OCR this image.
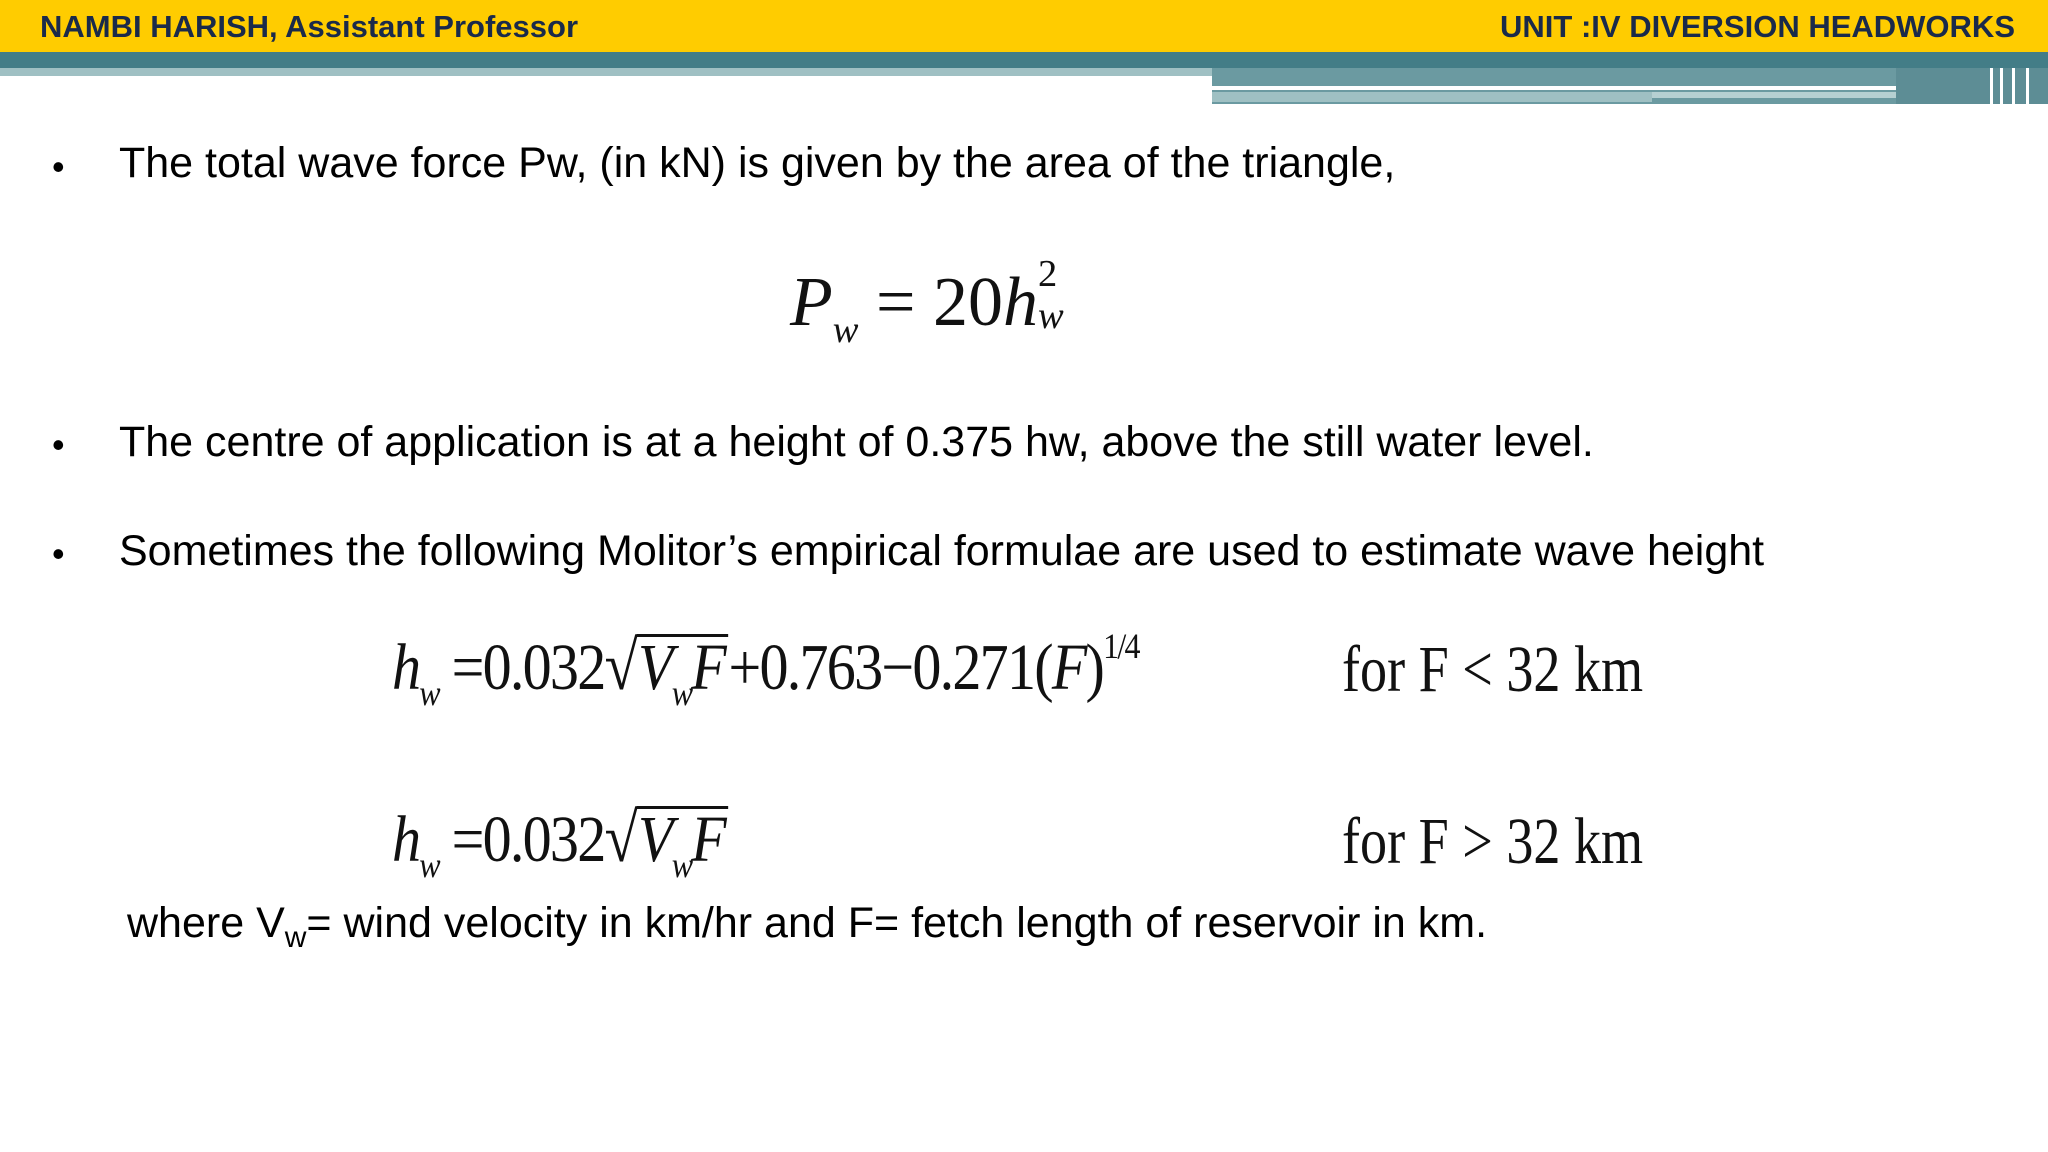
NAMBI HARISH, Assistant Professor	UNIT :IV DIVERSION HEADWORKS
• The total wave force Pw, (in kN) is given by the area of the triangle,
$P_w = 20h$ 2
w
• The centre of application is at a height of 0.375 hw, above the still water level.
• Sometimes the following Molitor’s empirical formulae are used to estimate wave height
$h_w =0.032√V_wF+0.763-0.271(F)^{1/4}$	for F < 32 km
$h_w =0.032√V_wF$	for F > 32 km
where $V_w=$ wind velocity in km/hr and F= fetch length of reservoir in km.
